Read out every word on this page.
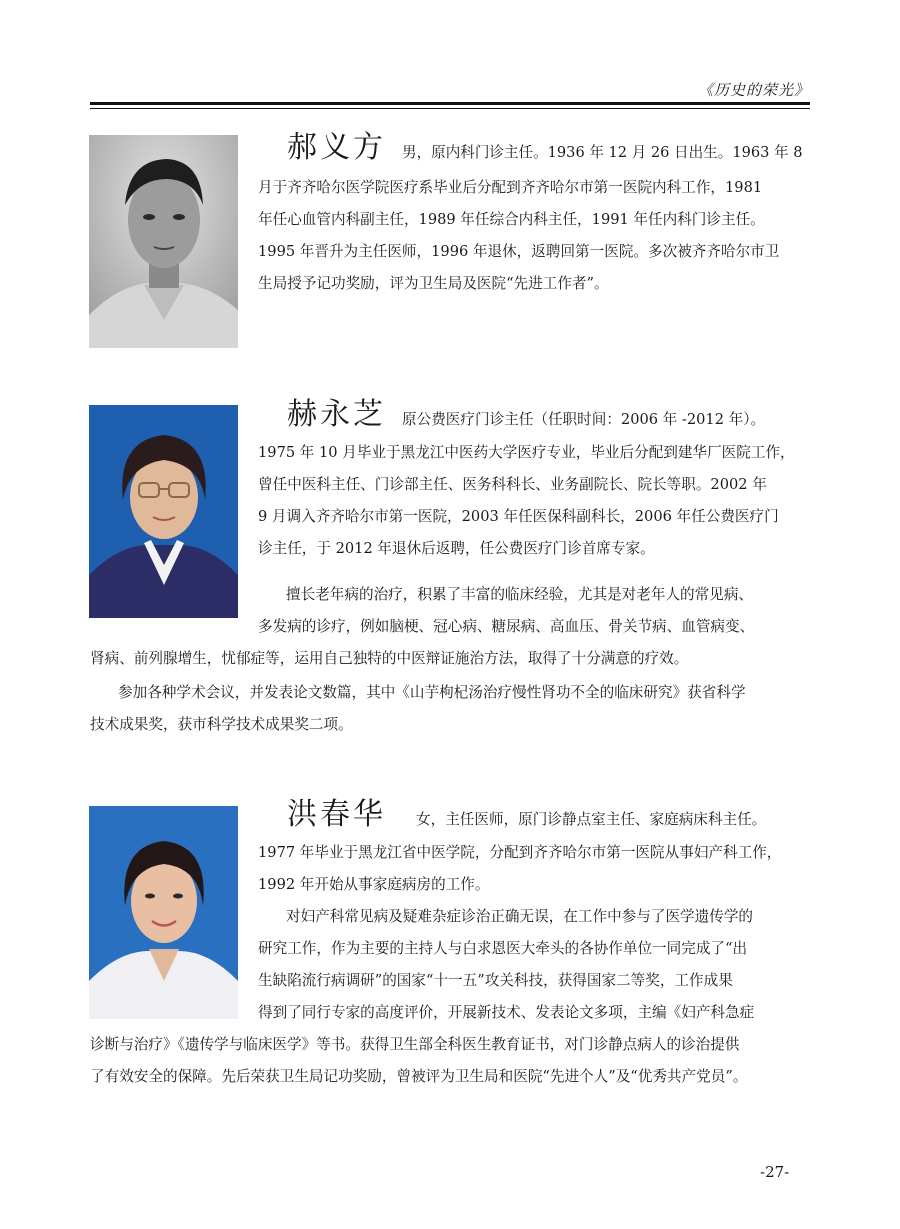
《历史的荣光》
郝义方 男，原内科门诊主任。1936 年 12 月 26 日出生。1963 年 8
月于齐齐哈尔医学院医疗系毕业后分配到齐齐哈尔市第一医院内科工作，1981
年任心血管内科副主任，1989 年任综合内科主任，1991 年任内科门诊主任。
1995 年晋升为主任医师，1996 年退休，返聘回第一医院。多次被齐齐哈尔市卫
生局授予记功奖励，评为卫生局及医院“先进工作者”。
赫永芝 原公费医疗门诊主任（任职时间：2006 年 -2012 年）。
1975 年 10 月毕业于黑龙江中医药大学医疗专业，毕业后分配到建华厂医院工作，
曾任中医科主任、门诊部主任、医务科科长、业务副院长、院长等职。2002 年
9 月调入齐齐哈尔市第一医院，2003 年任医保科副科长，2006 年任公费医疗门
诊主任，于 2012 年退休后返聘，任公费医疗门诊首席专家。
擅长老年病的治疗，积累了丰富的临床经验，尤其是对老年人的常见病、
多发病的诊疗，例如脑梗、冠心病、糖尿病、高血压、骨关节病、血管病变、
肾病、前列腺增生，忧郁症等，运用自己独特的中医辩证施治方法，取得了十分满意的疗效。
参加各种学术会议，并发表论文数篇，其中《山芋枸杞汤治疗慢性肾功不全的临床研究》获省科学
技术成果奖，获市科学技术成果奖二项。
洪春华 女，主任医师，原门诊静点室主任、家庭病床科主任。
1977 年毕业于黑龙江省中医学院，分配到齐齐哈尔市第一医院从事妇产科工作，
1992 年开始从事家庭病房的工作。
对妇产科常见病及疑难杂症诊治正确无误，在工作中参与了医学遗传学的
研究工作，作为主要的主持人与白求恩医大牵头的各协作单位一同完成了“出
生缺陷流行病调研”的国家“十一五”攻关科技，获得国家二等奖，工作成果
得到了同行专家的高度评价，开展新技术、发表论文多项，主编《妇产科急症
诊断与治疗》《遗传学与临床医学》等书。获得卫生部全科医生教育证书，对门诊静点病人的诊治提供
了有效安全的保障。先后荣获卫生局记功奖励，曾被评为卫生局和医院“先进个人”及“优秀共产党员”。
-27-
